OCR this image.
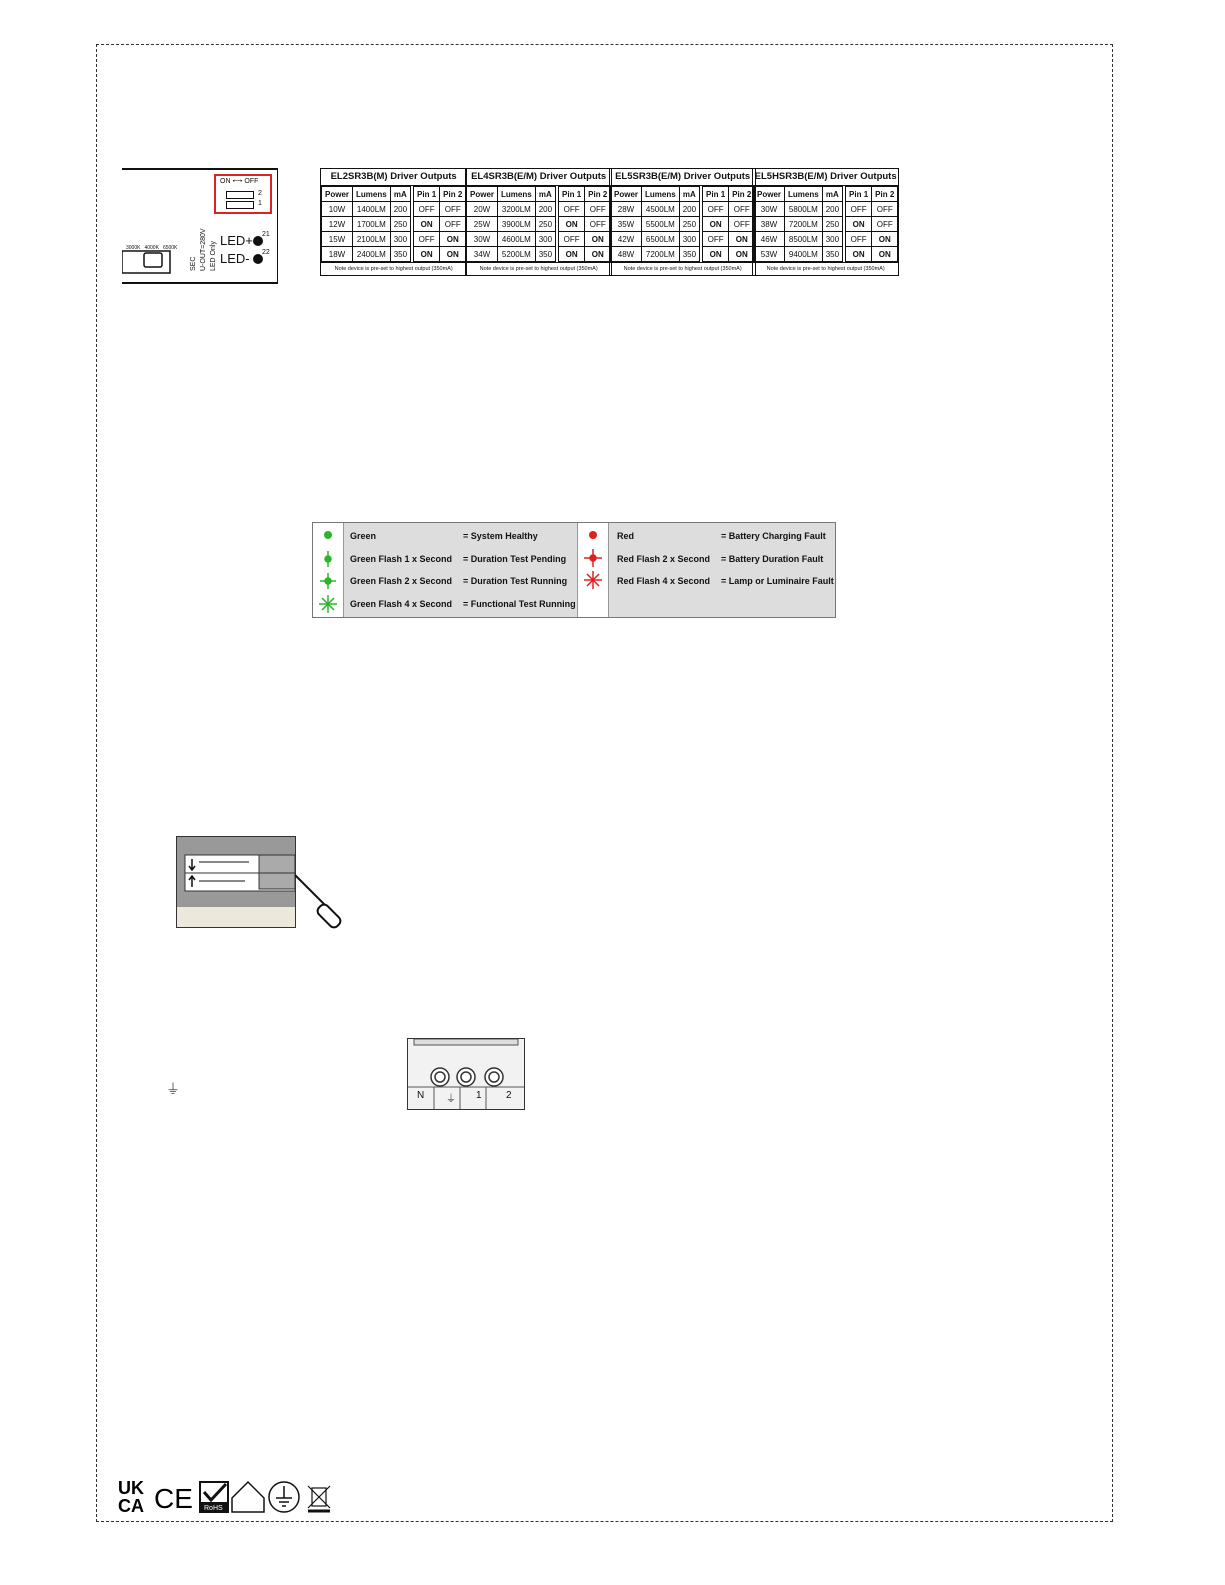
3000K 4000K 6500K
SEC U-OUT=280V LED Only
LED+
LED-
21
22
ON ⟷ OFF
2
1
EL2SR3B(M) Driver Outputs
Power	Lumens	mA		Pin 1	Pin 2
10W	1400LM	200		OFF	OFF
12W	1700LM	250		ON	OFF
15W	2100LM	300		OFF	ON
18W	2400LM	350		ON	ON
Note device is pre-set to highest output (350mA)
EL4SR3B(E/M) Driver Outputs
Power	Lumens	mA		Pin 1	Pin 2
20W	3200LM	200		OFF	OFF
25W	3900LM	250		ON	OFF
30W	4600LM	300		OFF	ON
34W	5200LM	350		ON	ON
Note device is pre-set to highest output (350mA)
EL5SR3B(E/M) Driver Outputs
Power	Lumens	mA		Pin 1	Pin 2
28W	4500LM	200		OFF	OFF
35W	5500LM	250		ON	OFF
42W	6500LM	300		OFF	ON
48W	7200LM	350		ON	ON
Note device is pre-set to highest output (350mA)
EL5HSR3B(E/M) Driver Outputs
Power	Lumens	mA		Pin 1	Pin 2
30W	5800LM	200		OFF	OFF
38W	7200LM	250		ON	OFF
46W	8500LM	300		OFF	ON
53W	9400LM	350		ON	ON
Note device is pre-set to highest output (350mA)
Green	= System Healthy
Green Flash 1 x Second = Duration Test Pending
Green Flash 2 x Second = Duration Test Running
Green Flash 4 x Second = Functional Test Running
Red	= Battery Charging Fault
Red Flash 2 x Second = Battery Duration Fault
Red Flash 4 x Second = Lamp or Luminaire Fault
⏚	N ⏚ 1 2
UK
CA CE RoHS
